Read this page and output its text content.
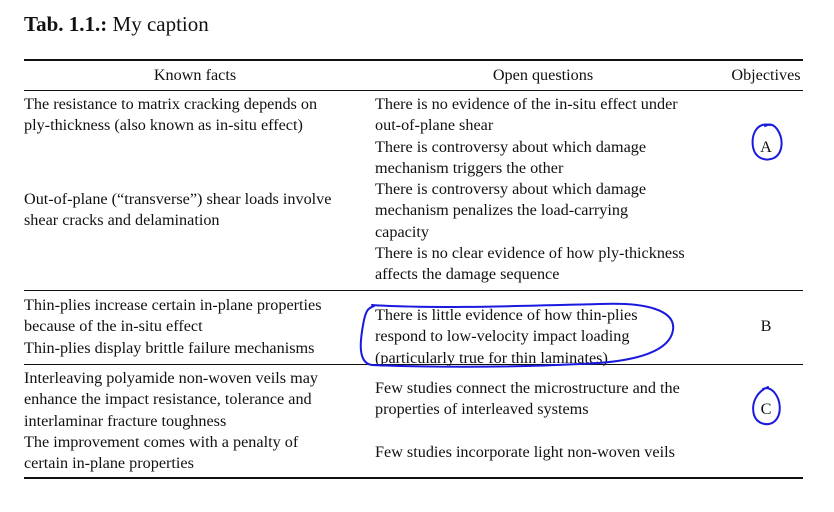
Tab. 1.1.: My caption
Known facts	Open questions	Objectives
The resistance to matrix cracking depends on
ply-thickness (also known as in-situ effect)
Out-of-plane (“transverse”) shear loads involve
shear cracks and delamination
There is no evidence of the in-situ effect under
out-of-plane shear
There is controversy about which damage
mechanism triggers the other
There is controversy about which damage
mechanism penalizes the load-carrying
capacity
There is no clear evidence of how ply-thickness
affects the damage sequence
A
Thin-plies increase certain in-plane properties
because of the in-situ effect
Thin-plies display brittle failure mechanisms
There is little evidence of how thin-plies
respond to low-velocity impact loading
(particularly true for thin laminates)
B
Interleaving polyamide non-woven veils may
enhance the impact resistance, tolerance and
interlaminar fracture toughness
The improvement comes with a penalty of
certain in-plane properties
Few studies connect the microstructure and the
properties of interleaved systems
Few studies incorporate light non-woven veils
C
